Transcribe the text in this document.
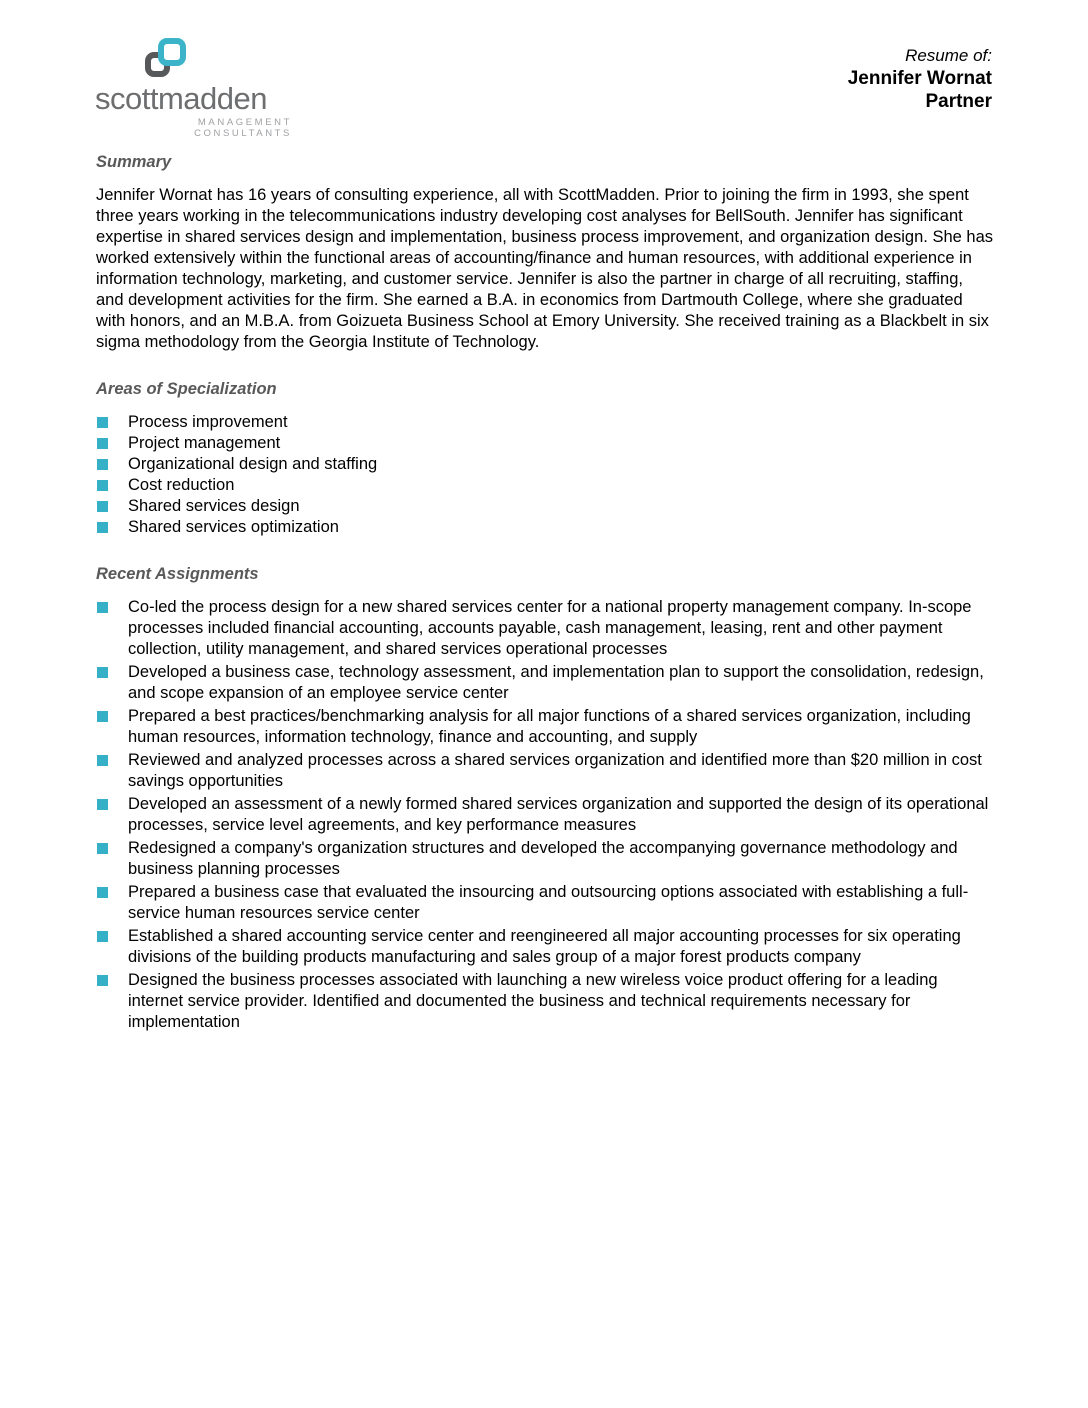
scottmadden
MANAGEMENT CONSULTANTS
Resume of:
Jennifer Wornat
Partner
Summary
Jennifer Wornat has 16 years of consulting experience, all with ScottMadden. Prior to joining the firm in 1993, she spent three years working in the telecommunications industry developing cost analyses for BellSouth. Jennifer has significant expertise in shared services design and implementation, business process improvement, and organization design. She has worked extensively within the functional areas of accounting/finance and human resources, with additional experience in information technology, marketing, and customer service. Jennifer is also the partner in charge of all recruiting, staffing, and development activities for the firm. She earned a B.A. in economics from Dartmouth College, where she graduated with honors, and an M.B.A. from Goizueta Business School at Emory University. She received training as a Blackbelt in six sigma methodology from the Georgia Institute of Technology.
Areas of Specialization
Process improvement
Project management
Organizational design and staffing
Cost reduction
Shared services design
Shared services optimization
Recent Assignments
Co-led the process design for a new shared services center for a national property management company. In-scope processes included financial accounting, accounts payable, cash management, leasing, rent and other payment collection, utility management, and shared services operational processes
Developed a business case, technology assessment, and implementation plan to support the consolidation, redesign, and scope expansion of an employee service center
Prepared a best practices/benchmarking analysis for all major functions of a shared services organization, including human resources, information technology, finance and accounting, and supply
Reviewed and analyzed processes across a shared services organization and identified more than $20 million in cost savings opportunities
Developed an assessment of a newly formed shared services organization and supported the design of its operational processes, service level agreements, and key performance measures
Redesigned a company's organization structures and developed the accompanying governance methodology and business planning processes
Prepared a business case that evaluated the insourcing and outsourcing options associated with establishing a full-service human resources service center
Established a shared accounting service center and reengineered all major accounting processes for six operating divisions of the building products manufacturing and sales group of a major forest products company
Designed the business processes associated with launching a new wireless voice product offering for a leading internet service provider. Identified and documented the business and technical requirements necessary for implementation
